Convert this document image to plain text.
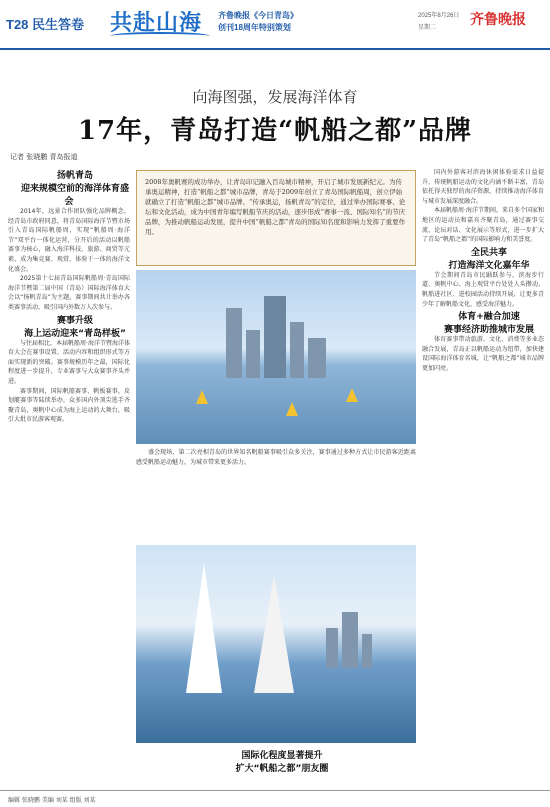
T28 民生答卷 共赴山海	齐鲁晚报《今日青岛》
创刊18周年特别策划
2025年8月26日
星期二 齐鲁晚报
向海图强，发展海洋体育
17年，青岛打造“帆船之都”品牌
记者 张晓鹏 青岛报道

扬帆青岛

迎来规模空前的海洋体育盛会

2014年，远景合作团队强化品牌概念，经青岛市政府同意，将青岛国际海洋节暨市场引入青岛国际帆船周，实现“帆船周·海洋节”双平台一体化运营，分开后的活动以帆船赛事为核心，融入海洋科技、旅游、商贸等元素，成为集竞赛、观赏、体验于一体的海洋文化盛会。

2025第十七届青岛国际帆船周·青岛国际海洋节暨第二届中国（青岛）国际海洋体育大会以“扬帆青岛”为主题，赛事期间共计举办各类赛事活动，吸引国内外数万人次参与。

赛事升级

海上运动迎来“青岛样板”

与往届相比，本届帆船周·海洋节暨海洋体育大会在赛事设置、活动内容和组织形式等方面实现新的突破。赛事规模历年之最，国际化程度进一步提升，专业赛事与大众赛事齐头并进。

赛事期间，国际帆船赛事、帆板赛事、皮划艇赛事等陆续举办，众多国内外顶尖选手齐聚青岛，奥帆中心成为海上运动的大舞台，吸引大批市民游客观赛。

2008年奥帆赛的成功举办，让青岛印记融入百岛城市精神，开启了城市发展新纪元。为传承奥运精神，打造“帆船之都”城市品牌，青岛于2009年创立了青岛国际帆船周，创立伊始就确立了打造“帆船之都”城市品牌、“传承奥运，扬帆青岛”的定位，通过举办国际赛事、论坛和文化活动，成为中国青年编写帆船节庆的活动，逐步形成“赛事一流、国际知名”的节庆品牌，为推动帆船运动发展，提升中国“帆船之都”青岛的国际知名度和影响力发挥了重要作用。

盛会现场，第二次亮相青岛的世界知名帆船赛事吸引众多关注，赛事通过多种方式让市民游客近距离感受帆船运动魅力，为城市带来更多活力。

国际化程度显著提升

扩大“帆船之都”朋友圈

国内外游客对滨海休闲体验需求日益提升，传统帆船运动的文化内涵不断丰富，青岛依托得天独厚的海洋资源，持续推动海洋体育与城市发展深度融合。

本届帆船周·海洋节期间，来自多个国家和地区的运动员和嘉宾齐聚青岛，通过赛事交流、论坛对话、文化展示等形式，进一步扩大了青岛“帆船之都”的国际影响力和美誉度。

全民共享

打造海洋文化嘉年华

节会期间青岛市民踊跃参与，滨海步行道、奥帆中心、海上观赏平台处处人头攒动。帆船进社区、进校园活动持续开展，让更多青少年了解帆船文化，感受海洋魅力。

体育+融合加速

赛事经济助推城市发展

体育赛事带动旅游、文化、消费等多业态融合发展，青岛正以帆船运动为纽带，加快建设国际海洋体育名城，让“帆船之都”城市品牌更加闪亮。

编辑 张晓鹏 美编 刘某 组版 刘某
